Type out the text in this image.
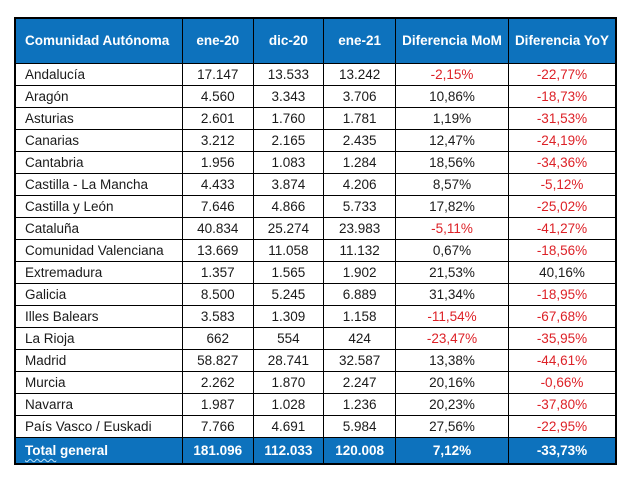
Comunidad Autónoma	ene-20	dic-20	ene-21	Diferencia MoM	Diferencia YoY
Andalucía	17.147	13.533	13.242	-2,15%	-22,77%
Aragón	4.560	3.343	3.706	10,86%	-18,73%
Asturias	2.601	1.760	1.781	1,19%	-31,53%
Canarias	3.212	2.165	2.435	12,47%	-24,19%
Cantabria	1.956	1.083	1.284	18,56%	-34,36%
Castilla - La Mancha	4.433	3.874	4.206	8,57%	-5,12%
Castilla y León	7.646	4.866	5.733	17,82%	-25,02%
Cataluña	40.834	25.274	23.983	-5,11%	-41,27%
Comunidad Valenciana	13.669	11.058	11.132	0,67%	-18,56%
Extremadura	1.357	1.565	1.902	21,53%	40,16%
Galicia	8.500	5.245	6.889	31,34%	-18,95%
Illes Balears	3.583	1.309	1.158	-11,54%	-67,68%
La Rioja	662	554	424	-23,47%	-35,95%
Madrid	58.827	28.741	32.587	13,38%	-44,61%
Murcia	2.262	1.870	2.247	20,16%	-0,66%
Navarra	1.987	1.028	1.236	20,23%	-37,80%
País Vasco / Euskadi	7.766	4.691	5.984	27,56%	-22,95%
Total general	181.096	112.033	120.008	7,12%	-33,73%
